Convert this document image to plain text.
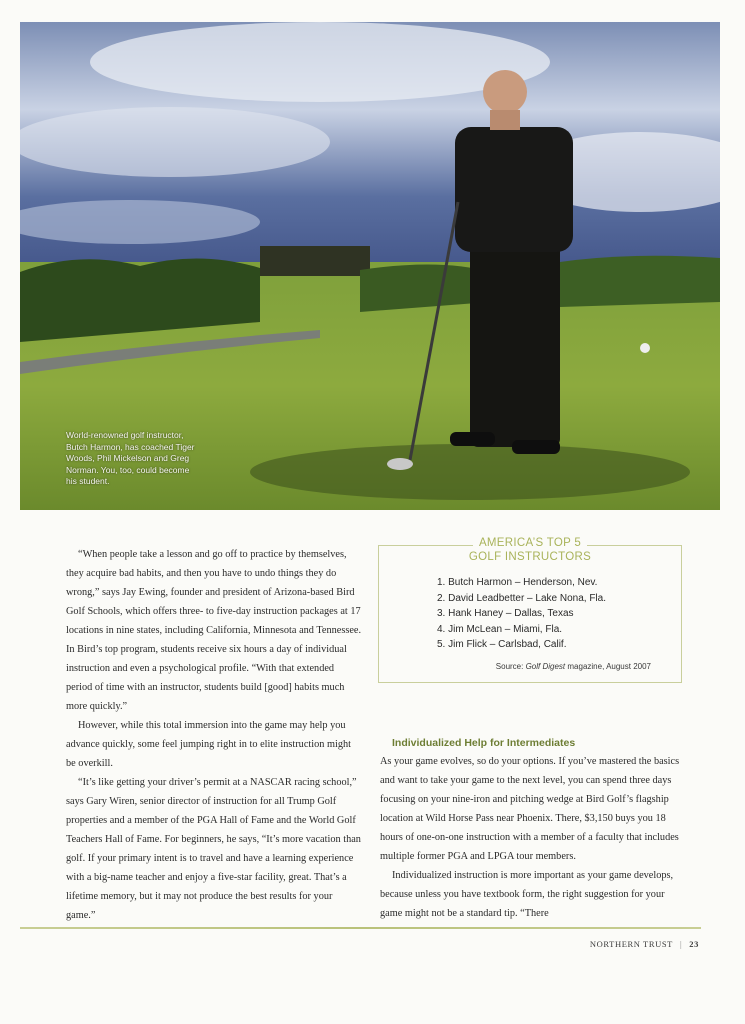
World-renowned golf instructor, Butch Harmon, has coached Tiger Woods, Phil Mickelson and Greg Norman. You, too, could become his student.

“When people take a lesson and go off to practice by themselves, they acquire bad habits, and then you have to undo things they do wrong,” says Jay Ewing, founder and president of Arizona-based Bird Golf Schools, which offers three- to five-day instruction packages at 17 locations in nine states, including California, Minnesota and Tennessee. In Bird’s top program, students receive six hours a day of individual instruction and even a psychological profile. “With that extended period of time with an instructor, students build [good] habits much more quickly.”

However, while this total immersion into the game may help you advance quickly, some feel jumping right in to elite instruction might be overkill.

“It’s like getting your driver’s permit at a NASCAR racing school,” says Gary Wiren, senior director of instruction for all Trump Golf properties and a member of the PGA Hall of Fame and the World Golf Teachers Hall of Fame. For beginners, he says, “It’s more vacation than golf. If your primary intent is to travel and have a learning experience with a big-name teacher and enjoy a five-star facility, great. That’s a lifetime memory, but it may not produce the best results for your game.”

AMERICA’S TOP 5
GOLF INSTRUCTORS
1. Butch Harmon – Henderson, Nev.
2. David Leadbetter – Lake Nona, Fla.
3. Hank Haney – Dallas, Texas
4. Jim McLean – Miami, Fla.
5. Jim Flick – Carlsbad, Calif.
Source: Golf Digest magazine, August 2007

Individualized Help for Intermediates

As your game evolves, so do your options. If you’ve mastered the basics and want to take your game to the next level, you can spend three days focusing on your nine-iron and pitching wedge at Bird Golf’s flagship location at Wild Horse Pass near Phoenix. There, $3,150 buys you 18 hours of one-on-one instruction with a member of a faculty that includes multiple former PGA and LPGA tour members.

Individualized instruction is more important as your game develops, because unless you have textbook form, the right suggestion for your game might not be a standard tip. “There

NORTHERN TRUST | 23
